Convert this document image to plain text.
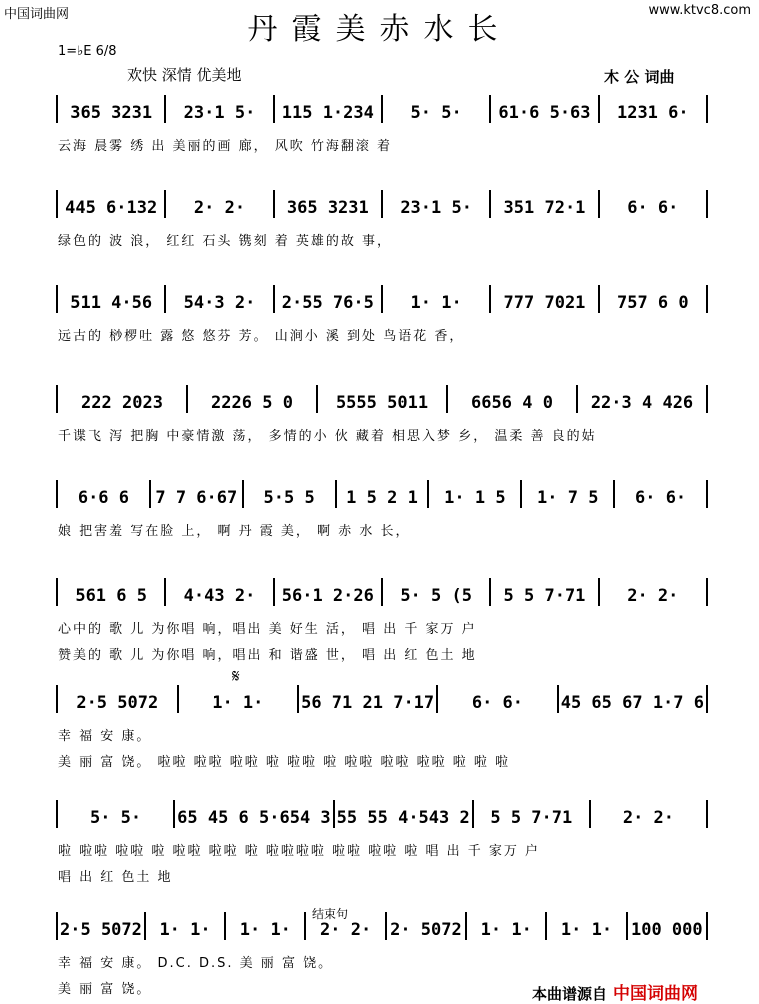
中国词曲网	www.ktvc8.com
丹霞美赤水长
1=♭E 6/8
欢快 深情 优美地	木 公 词曲
365 3231 23·1 5· 115 1·234 5· 5· 61·6 5·63 1231 6·
云海 晨雾 绣 出 美丽的画 廊， 风吹 竹海翻滚 着
445 6·132 2· 2· 365 3231 23·1 5· 351 72·1 6· 6·
绿色的 波 浪， 红红 石头 镌刻 着 英雄的故 事，
511 4·56 54·3 2· 2·55 76·5 1· 1· 777 7021 757 6 0
远古的 桫椤吐 露 悠 悠芬 芳。 山涧小 溪 到处 鸟语花 香，
222 2023	2226 5 0	5555 5011	6656 4 0 22·3 4 426
千谍飞 泻 把胸 中豪情激 荡， 多情的小 伙 藏着 相思入梦 乡， 温柔 善 良的姑
6·6 6 7 7 6·67 5·5 5 1 5 2 1 1· 1 5 1· 7 5 6· 6·
娘 把害羞 写在脸 上， 啊 丹 霞 美， 啊 赤 水 长，
561 6 5 4·43 2· 56·1 2·26 5· 5 (5 5 5 7·71 2· 2·
心中的 歌 儿 为你唱 响，唱出 美 好生 活， 唱 出 千 家万 户
赞美的 歌 儿 为你唱 响，唱出 和 谐盛 世， 唱 出 红 色土 地
2·5 5072	1· 1· 56 71 21 7·17 6· 6· 45 65 67 1·7 6
幸 福 安 康。
美 丽 富 饶。 啦啦 啦啦 啦啦 啦 啦啦 啦 啦啦 啦啦 啦啦 啦 啦 啦
5· 5· 65 45 6 5·654 3 55 55 4·543 2 5 5 7·71	2· 2·
啦 啦啦 啦啦 啦 啦啦 啦啦 啦 啦啦啦啦 啦啦 啦啦 啦 唱 出 千 家万 户
唱 出 红 色土 地
2·5 5072 1· 1· 1· 1· 2· 2· 2· 5072 1· 1· 1· 1· 100 000
幸 福 安 康。 D.C. D.S. 美 丽 富 饶。
美 丽 富 饶。
𝄋
结束句
本曲谱源自 中国词曲网
